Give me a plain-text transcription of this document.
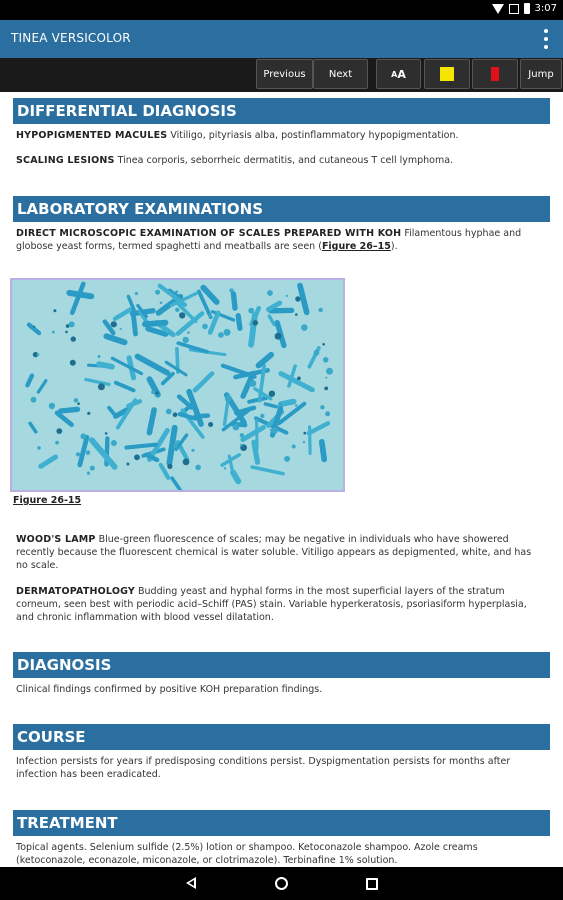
3:07
TINEA VERSICOLOR
Previous	Next	A A	Jump
DIFFERENTIAL DIAGNOSIS
HYPOPIGMENTED MACULES Vitiligo, pityriasis alba, postinflammatory hypopigmentation.
SCALING LESIONS Tinea corporis, seborrheic dermatitis, and cutaneous T cell lymphoma.
LABORATORY EXAMINATIONS
DIRECT MICROSCOPIC EXAMINATION OF SCALES PREPARED WITH KOH Filamentous hyphae and globose yeast forms, termed spaghetti and meatballs are seen (Figure 26–15).
Figure 26-15
WOOD'S LAMP Blue-green fluorescence of scales; may be negative in individuals who have showered recently because the fluorescent chemical is water soluble. Vitiligo appears as depigmented, white, and has no scale.
DERMATOPATHOLOGY Budding yeast and hyphal forms in the most superficial layers of the stratum corneum, seen best with periodic acid–Schiff (PAS) stain. Variable hyperkeratosis, psoriasiform hyperplasia, and chronic inflammation with blood vessel dilatation.
DIAGNOSIS
Clinical findings confirmed by positive KOH preparation findings.
COURSE
Infection persists for years if predisposing conditions persist. Dyspigmentation persists for months after infection has been eradicated.
TREATMENT
Topical agents. Selenium sulfide (2.5%) lotion or shampoo. Ketoconazole shampoo. Azole creams (ketoconazole, econazole, miconazole, or clotrimazole). Terbinafine 1% solution.
